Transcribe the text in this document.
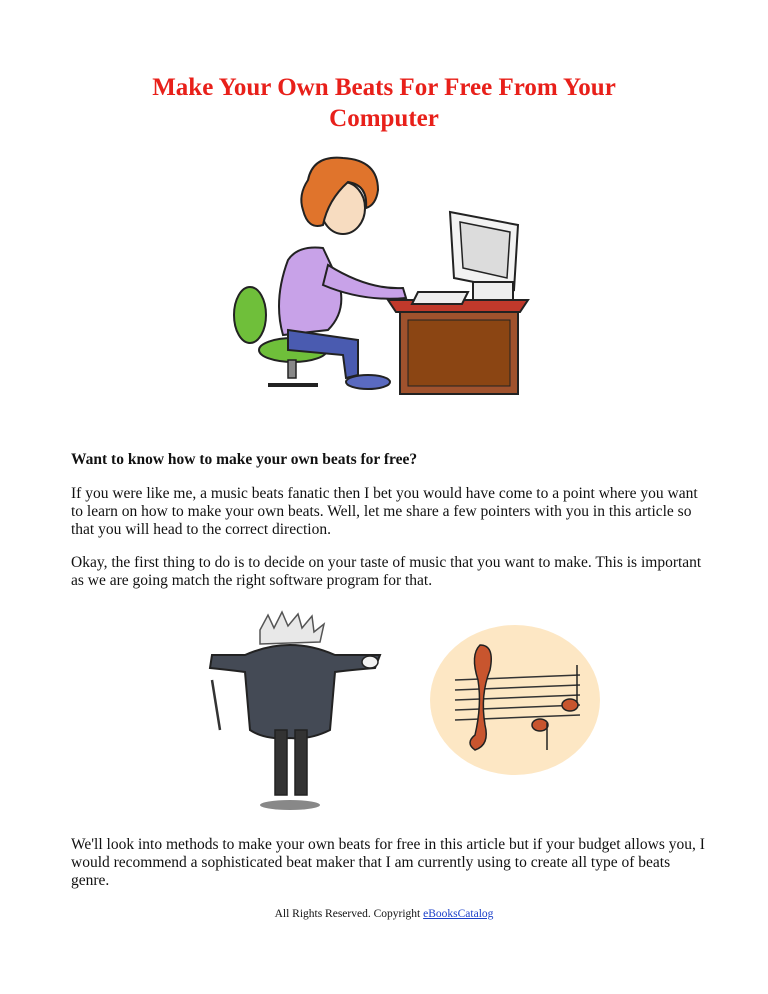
Make Your Own Beats For Free From Your
Computer
Want to know how to make your own beats for free?
If you were like me, a music beats fanatic then I bet you would have come to a point where you want to learn on how to make your own beats. Well, let me share a few pointers with you in this article so that you will head to the correct direction.
Okay, the first thing to do is to decide on your taste of music that you want to make. This is important as we are going match the right software program for that.
We'll look into methods to make your own beats for free in this article but if your budget allows you, I would recommend a sophisticated beat maker that I am currently using to create all type of beats genre.
All Rights Reserved. Copyright eBooksCatalog
